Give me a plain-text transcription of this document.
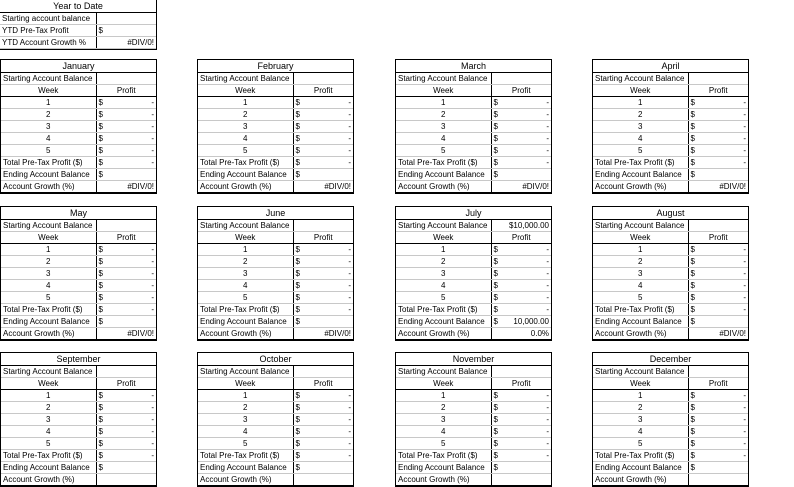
Year to Date		
Starting account balance		
YTD Pre-Tax Profit	$	
YTD Account Growth %	#DIV/0!	
January		
Starting Account Balance		
Week	Profit	
1	$	-
2	$	-
3	$	-
4	$	-
5	$	-
Total Pre-Tax Profit ($)	$	-
Ending Account Balance	$	
Account Growth (%)	#DIV/0!	
February		
Starting Account Balance		
Week	Profit	
1	$	-
2	$	-
3	$	-
4	$	-
5	$	-
Total Pre-Tax Profit ($)	$	-
Ending Account Balance	$	
Account Growth (%)	#DIV/0!	
March		
Starting Account Balance		
Week	Profit	
1	$	-
2	$	-
3	$	-
4	$	-
5	$	-
Total Pre-Tax Profit ($)	$	-
Ending Account Balance	$	
Account Growth (%)	#DIV/0!	
April		
Starting Account Balance		
Week	Profit	
1	$	-
2	$	-
3	$	-
4	$	-
5	$	-
Total Pre-Tax Profit ($)	$	-
Ending Account Balance	$	
Account Growth (%)	#DIV/0!	
May		
Starting Account Balance		
Week	Profit	
1	$	-
2	$	-
3	$	-
4	$	-
5	$	-
Total Pre-Tax Profit ($)	$	-
Ending Account Balance	$	
Account Growth (%)	#DIV/0!	
June		
Starting Account Balance		
Week	Profit	
1	$	-
2	$	-
3	$	-
4	$	-
5	$	-
Total Pre-Tax Profit ($)	$	-
Ending Account Balance	$	
Account Growth (%)	#DIV/0!	
July		
Starting Account Balance	$10,000.00	
Week	Profit	
1	$	-
2	$	-
3	$	-
4	$	-
5	$	-
Total Pre-Tax Profit ($)	$	-
Ending Account Balance	$	10,000.00
Account Growth (%)	0.0%	
August		
Starting Account Balance		
Week	Profit	
1	$	-
2	$	-
3	$	-
4	$	-
5	$	-
Total Pre-Tax Profit ($)	$	-
Ending Account Balance	$	
Account Growth (%)	#DIV/0!	
September		
Starting Account Balance		
Week	Profit	
1	$	-
2	$	-
3	$	-
4	$	-
5	$	-
Total Pre-Tax Profit ($)	$	-
Ending Account Balance	$	
Account Growth (%)		
October		
Starting Account Balance		
Week	Profit	
1	$	-
2	$	-
3	$	-
4	$	-
5	$	-
Total Pre-Tax Profit ($)	$	-
Ending Account Balance	$	
Account Growth (%)		
November		
Starting Account Balance		
Week	Profit	
1	$	-
2	$	-
3	$	-
4	$	-
5	$	-
Total Pre-Tax Profit ($)	$	-
Ending Account Balance	$	
Account Growth (%)		
December		
Starting Account Balance		
Week	Profit	
1	$	-
2	$	-
3	$	-
4	$	-
5	$	-
Total Pre-Tax Profit ($)	$	-
Ending Account Balance	$	
Account Growth (%)		
